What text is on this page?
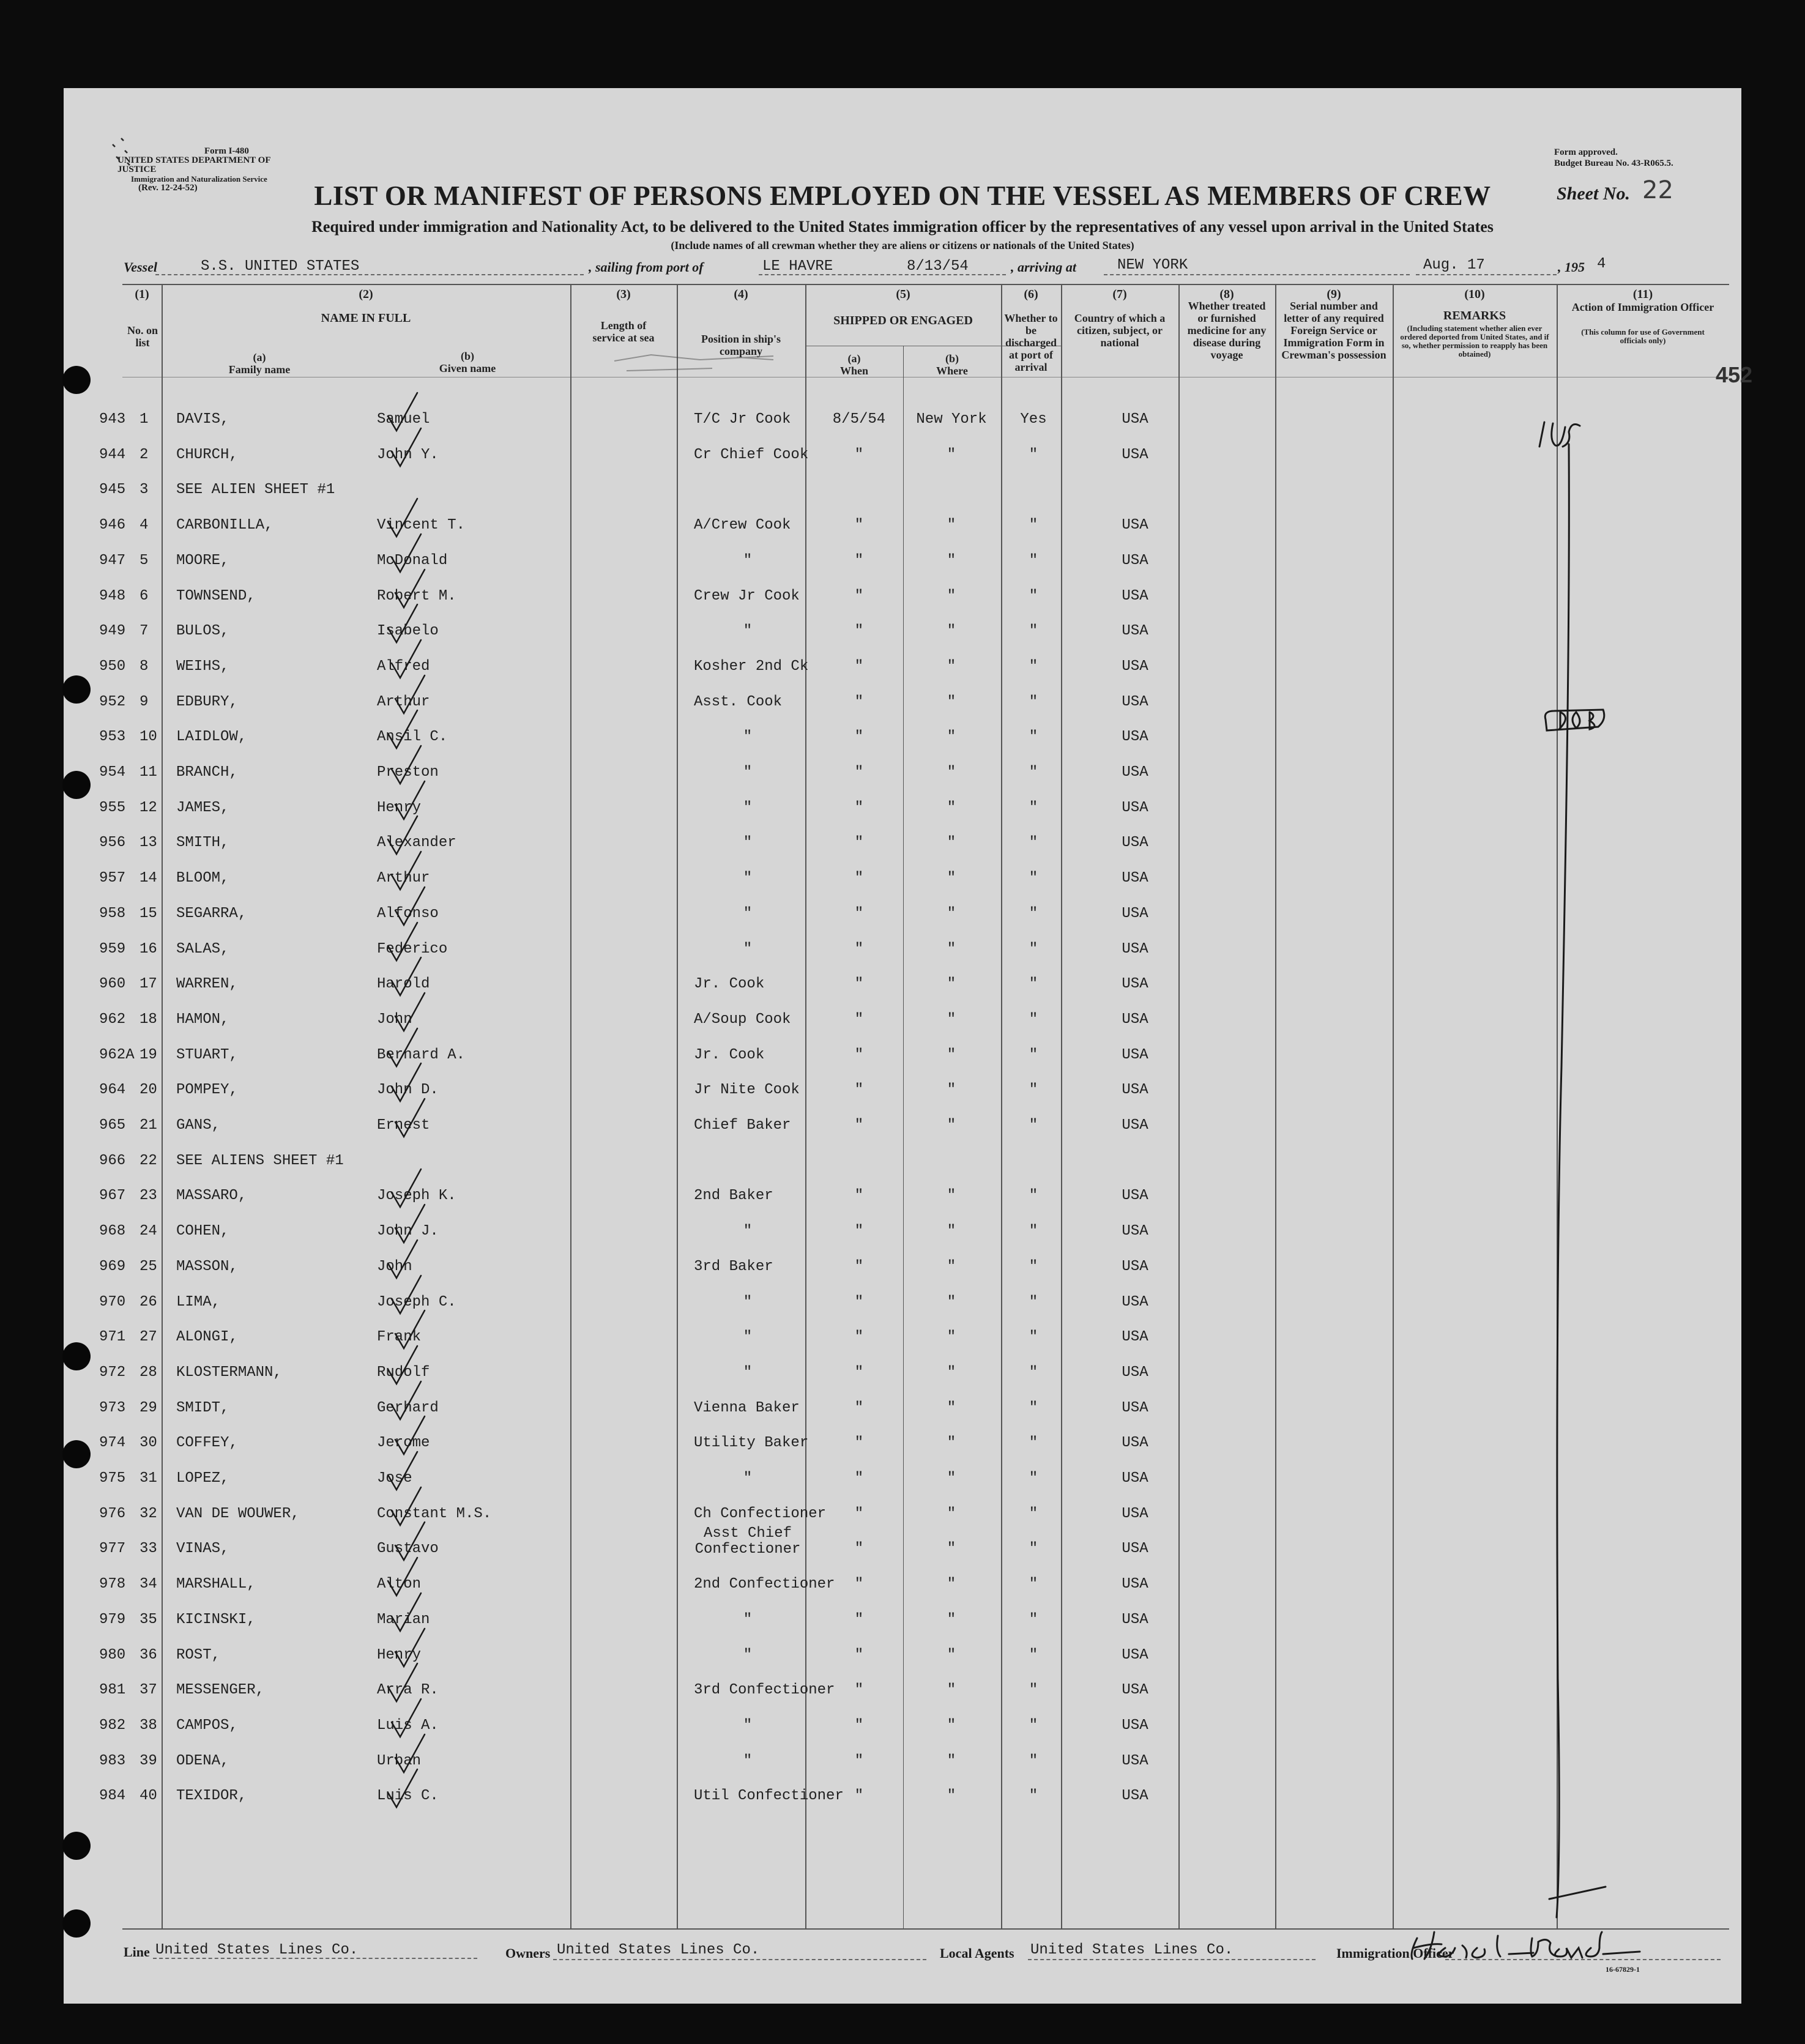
Form I-480
UNITED STATES DEPARTMENT OF JUSTICE
Immigration and Naturalization Service
(Rev. 12-24-52)
Form approved.
Budget Bureau No. 43-R065.5.
LIST OR MANIFEST OF PERSONS EMPLOYED ON THE VESSEL AS MEMBERS OF CREW	Sheet No. 22
Required under immigration and Nationality Act, to be delivered to the United States immigration officer by the representatives of any vessel upon arrival in the United States
(Include names of all crewman whether they are aliens or citizens or nationals of the United States)
Vessel	S.S. UNITED STATES	, sailing from port of	LE HAVRE	8/13/54	, arriving at	NEW YORK	Aug. 17	, 195 4
(1)
No. on list
(2)
NAME IN FULL
(a)
Family name
(b)
Given name
(3)
Length of service at sea
(4)
Position in ship's company
(5)
SHIPPED OR ENGAGED
(a)
When
(b)
Where
(6)
Whether to be discharged at port of arrival
(7)
Country of which a citizen, subject, or national
(8)
Whether treated or furnished medicine for any disease during voyage
(9)
Serial number and letter of any required Foreign Service or Immigration Form in Crewman's possession
(10)
REMARKS
(Including statement whether alien ever ordered deported from United States, and if so, whether permission to reapply has been obtained)
(11)
Action of Immigration Officer
(This column for use of Government officials only)
452
943 1 DAVIS,	Samuel	T/C Jr Cook	8/5/54	New York	Yes	USA
944 2 CHURCH,	John Y.	Cr Chief Cook	"	"	"	USA
945 3 SEE ALIEN SHEET #1
946 4 CARBONILLA,	Vincent T.	A/Crew Cook	"	"	"	USA
947 5 MOORE,	McDonald	"	"	"	"	USA
948 6 TOWNSEND,	Robert M.	Crew Jr Cook	"	"	"	USA
949 7 BULOS,	Isabelo	"	"	"	"	USA
950 8 WEIHS,	Alfred	Kosher 2nd Ck	"	"	"	USA
952 9 EDBURY,	Arthur	Asst. Cook	"	"	"	USA
953 10 LAIDLOW,	Ansil C.	"	"	"	"	USA
954 11 BRANCH,	Preston	"	"	"	"	USA
955 12 JAMES,	Henry	"	"	"	"	USA
956 13 SMITH,	Alexander	"	"	"	"	USA
957 14 BLOOM,	Arthur	"	"	"	"	USA
958 15 SEGARRA,	Alfonso	"	"	"	"	USA
959 16 SALAS,	Federico	"	"	"	"	USA
960 17 WARREN,	Harold	Jr. Cook	"	"	"	USA
962 18 HAMON,	John	A/Soup Cook	"	"	"	USA
962A 19 STUART,	Bernard A.	Jr. Cook	"	"	"	USA
964 20 POMPEY,	John D.	Jr Nite Cook	"	"	"	USA
965 21 GANS,	Ernest	Chief Baker	"	"	"	USA
966 22 SEE ALIENS SHEET #1
967 23 MASSARO,	Joseph K.	2nd Baker	"	"	"	USA
968 24 COHEN,	John J.	"	"	"	"	USA
969 25 MASSON,	John	3rd Baker	"	"	"	USA
970 26 LIMA,	Joseph C.	"	"	"	"	USA
971 27 ALONGI,	Frank	"	"	"	"	USA
972 28 KLOSTERMANN,	Rudolf	"	"	"	"	USA
973 29 SMIDT,	Gerhard	Vienna Baker	"	"	"	USA
974 30 COFFEY,	Jerome	Utility Baker	"	"	"	USA
975 31 LOPEZ,	Jose	"	"	"	"	USA
976 32 VAN DE WOUWER,	Constant M.S.	Ch Confectioner	"	"	"	USA
977 33 VINAS,	Gustavo
Asst Chief Confectioner	"	"	"	USA
978 34 MARSHALL,	Alton	2nd Confectioner	"	"	"	USA
979 35 KICINSKI,	Marian	"	"	"	"	USA
980 36 ROST,	Henry	"	"	"	"	USA
981 37 MESSENGER,	Arra R.	3rd Confectioner	"	"	"	USA
982 38 CAMPOS,	Luis A.	"	"	"	"	USA
983 39 ODENA,	Urban	"	"	"	"	USA
984 40 TEXIDOR,	Luis C.	Util Confectioner "	"	"	USA
Line United States Lines Co.	Owners United States Lines Co.	Local Agents United States Lines Co.	Immigration Officer
16-67829-1
